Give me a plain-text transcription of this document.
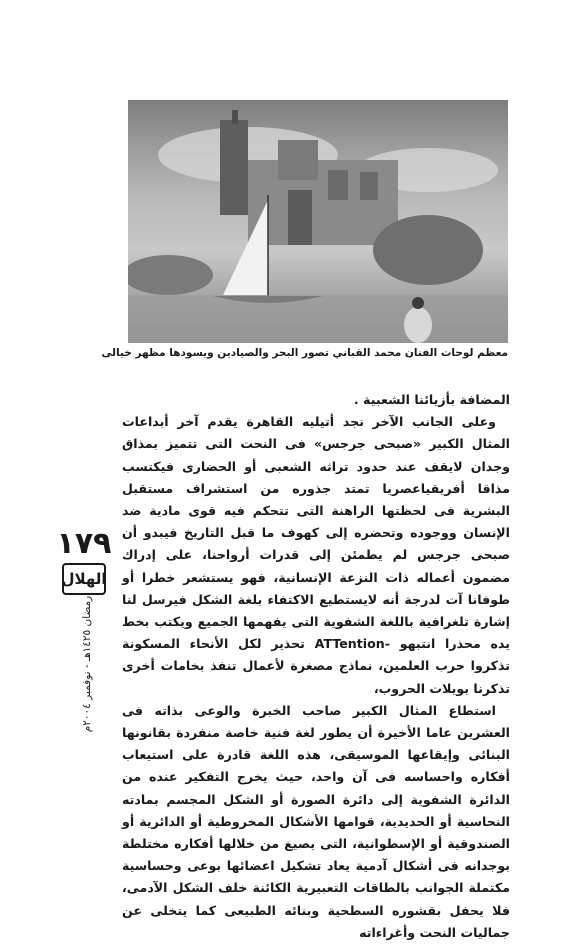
معظم لوحات الفنان محمد القباني تصور البحر والصيادين ويسودها مظهر خيالى

المضافة بأزيائنا الشعبية .

وعلى الجانب الآخر نجد أتيليه القاهرة يقدم آخر أبداعات المثال الكبير «صبحى جرجس» فى النحت التى تتميز بمذاق وجدان لايقف عند حدود تراثه الشعبى أو الحضارى فيكتسب مذاقا أفريقياعصريا تمتد جذوره من استشراف مستقبل البشرية فى لحظتها الراهنة التى تتحكم فيه قوى مادية ضد الإنسان ووجوده وتحضره إلى كهوف ما قبل التاريخ فيبدو أن صبحى جرجس لم يطمئن إلى قدرات أرواحنا، على إدراك مضمون أعماله ذات النزعة الإنسانية، فهو يستشعر خطرا أو طوفانا آت لدرجة أنه لايستطيع الاكتفاء بلغة الشكل فيرسل لنا إشارة تلغرافية باللغة الشفوية التى يفهمها الجميع ويكتب بخط يده محذرا انتبهو -ATTention تحذير لكل الأنحاء المسكونة تذكروا حرب العلمين، نماذج مصغرة لأعمال تنفذ بخامات أخرى تذكرنا بويلات الحروب،

استطاع المثال الكبير صاحب الخبرة والوعى بذاته فى العشرين عاما الأخيرة أن يطور لغة فنية خاصة منفردة بقانونها البنائى وإيقاعها الموسيقى، هذه اللغة قادرة على استيعاب أفكاره واحساسه فى آن واحد، حيث يخرج التفكير عنده من الدائرة الشفوية إلى دائرة الصورة أو الشكل المجسم بمادته النحاسية أو الحديدية، قوامها الأشكال المخروطية أو الدائرية أو الصندوقية أو الإسطوانية، التى يصيغ من خلالها أفكاره مختلطة بوجدانه فى أشكال آدمية يعاد تشكيل اعضائها بوعى وحساسية مكتملة الجوانب بالطاقات التعبيرية الكائنة خلف الشكل الآدمى، فلا يحفل بقشوره السطحية وبنائه الطبيعى كما يتخلى عن جماليات النحت وأغراءاته

١٧٩
الهلال
رمضان ١٤٢٥هـ - نوفمبر ٢٠٠٤م
